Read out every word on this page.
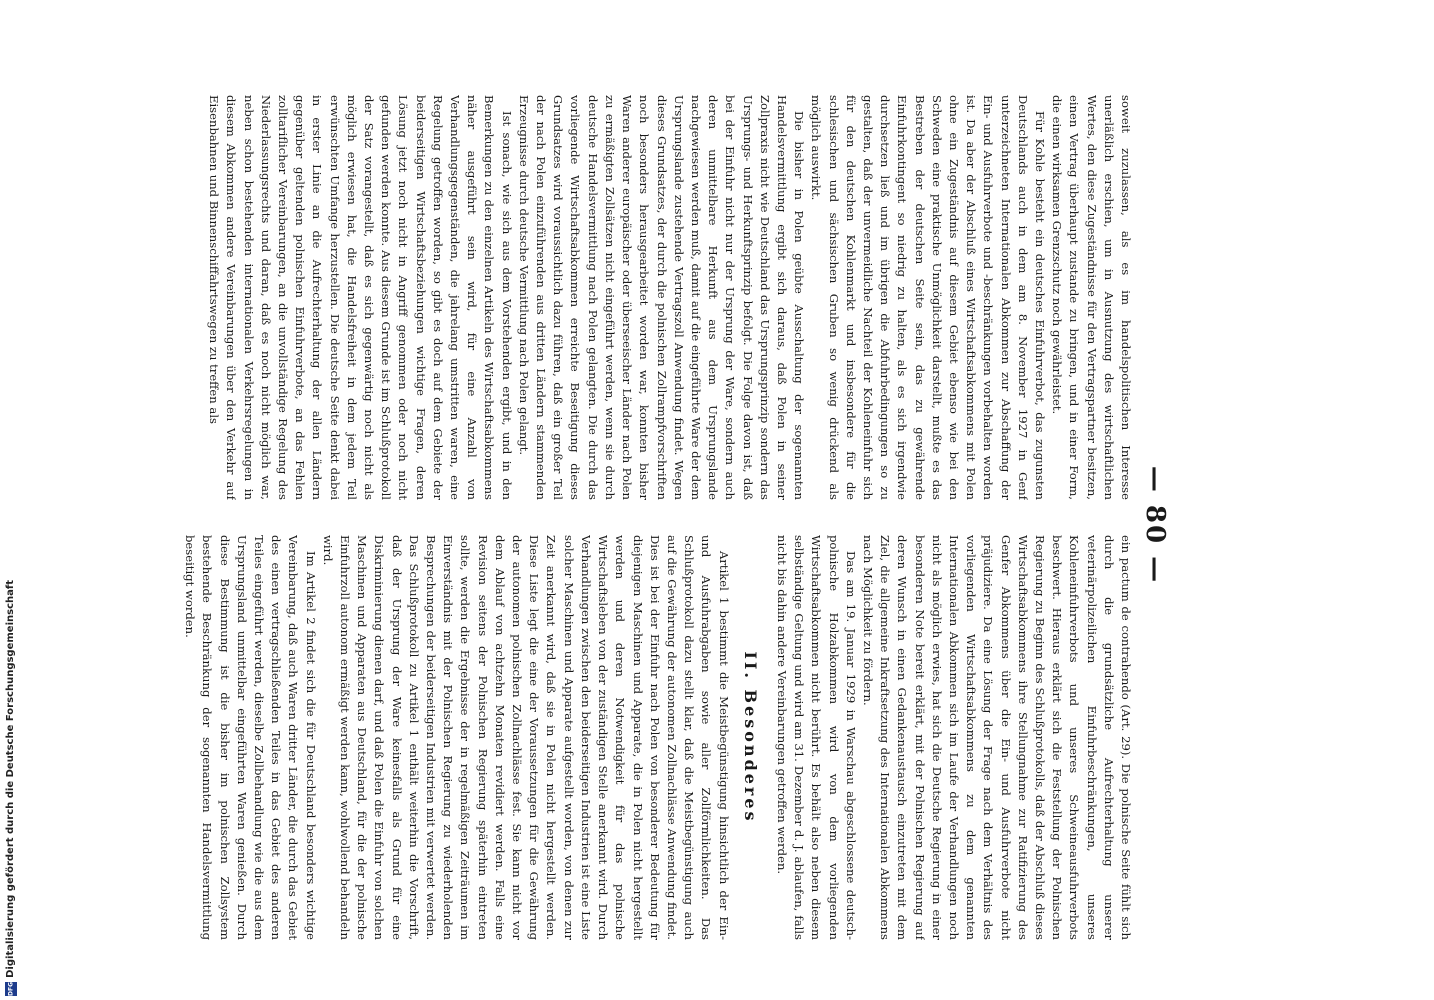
Digitalisierung gefördert durch die Deutsche Forschungsgemeinschaft
DFG
— 80 —

soweit zuzulassen, als es im handelspolitischen Interesse unerläßlich erschien, um in Ausnutzung des wirtschaftlichen Wertes, den diese Zugeständnisse für den Vertragspartner besitzen, einen Vertrag überhaupt zustande zu bringen, und in einer Form, die einen wirksamen Grenzschutz noch gewährleistet.

Für Kohle besteht ein deutsches Einfuhrverbot, das zugunsten Deutschlands auch in dem am 8. November 1927 in Genf unterzeichneten Internationalen Abkommen zur Abschaffung der Ein- und Ausfuhrverbote und -beschränkungen vorbehalten worden ist. Da aber der Abschluß eines Wirtschaftsabkommens mit Polen ohne ein Zugeständnis auf diesem Gebiet ebenso wie bei den Schweden eine praktische Unmöglichkeit darstellt, mußte es das Bestreben der deutschen Seite sein, das zu gewährende Einfuhrkontingent so niedrig zu halten, als es sich irgendwie durchsetzen ließ und im übrigen die Abfuhrbedingungen so zu gestalten, daß der unvermeidliche Nachteil der Kohleneinfuhr sich für den deutschen Kohlenmarkt und insbesondere für die schlesischen und sächsischen Gruben so wenig drückend als möglich auswirkt.

Die bisher in Polen geübte Ausschaltung der sogenannten Handelsvermittlung ergibt sich daraus, daß Polen in seiner Zollpraxis nicht wie Deutschland das Ursprungsprinzip sondern das Ursprungs- und Herkunftsprinzip befolgt. Die Folge davon ist, daß bei der Einfuhr nicht nur der Ursprung der Ware, sondern auch deren unmittelbare Herkunft aus dem Ursprungslande nachgewiesen werden muß, damit auf die eingeführte Ware der dem Ursprungslande zustehende Vertragszoll Anwendung findet. Wegen dieses Grundsatzes, der durch die polnischen Zollrampfvorschriften noch besonders herausgearbeitet worden war, konnten bisher Waren anderer europäischer oder überseeischer Länder nach Polen zu ermäßigten Zollsätzen nicht eingeführt werden, wenn sie durch deutsche Handelsvermittlung nach Polen gelangten. Die durch das vorliegende Wirtschaftsabkommen erreichte Beseitigung dieses Grundsatzes wird voraussichtlich dazu führen, daß ein großer Teil der nach Polen einzuführenden aus dritten Ländern stammenden Erzeugnisse durch deutsche Vermittlung nach Polen gelangt.

Ist sonach, wie sich aus dem Vorstehenden ergibt, und in den Bemerkungen zu den einzelnen Artikeln des Wirtschaftsabkommens näher ausgeführt sein wird, für eine Anzahl von Verhandlungsgegenständen, die jahrelang umstritten waren, eine Regelung getroffen worden, so gibt es doch auf dem Gebiete der beiderseitigen Wirtschaftsbeziehungen wichtige Fragen, deren Lösung jetzt noch nicht in Angriff genommen oder noch nicht gefunden werden konnte. Aus diesem Grunde ist im Schlußprotokoll der Satz vorangestellt, daß es sich gegenwärtig noch nicht als möglich erwiesen hat, die Handelsfreiheit in dem jedem Teil erwünschten Umfange herzustellen. Die deutsche Seite denkt dabei in erster Linie an die Aufrechterhaltung der allen Ländern gegenüber geltenden polnischen Einfuhrverbote, an das Fehlen zolltariflicher Vereinbarungen, an die unvollständige Regelung des Niederlassungsrechts und daran, daß es noch nicht möglich war, neben schon bestehenden internationalen Verkehrsregelungen in diesem Abkommen andere Vereinbarungen über den Verkehr auf Eisenbahnen und Binnenschiffahrtswegen zu treffen als

ein pactum de contrahendo (Art. 29). Die polnische Seite fühlt sich durch die grundsätzliche Aufrechterhaltung unserer veterinärpolizeilichen Einfuhrbeschränkungen, unseres Kohleneinfuhrverbots und unseres Schweineausfuhrverbots beschwert. Hieraus erklärt sich die Feststellung der Polnischen Regierung zu Beginn des Schlußprotokolls, daß der Abschluß dieses Wirtschaftsabkommens ihre Stellungnahme zur Ratifizierung des Genfer Abkommens über die Ein- und Ausfuhrverbote nicht präjudiziere. Da eine Lösung der Frage nach dem Verhältnis des vorliegenden Wirtschaftsabkommens zu dem genannten Internationalen Abkommen sich im Laufe der Verhandlungen noch nicht als möglich erwies, hat sich die Deutsche Regierung in einer besonderen Note bereit erklärt, mit der Polnischen Regierung auf deren Wunsch in einen Gedankenaustausch einzutreten mit dem Ziel, die allgemeine Inkraftsetzung des Internationalen Abkommens nach Möglichkeit zu fördern.

Das am 19. Januar 1929 in Warschau abgeschlossene deutsch-polnische Holzabkommen wird von dem vorliegenden Wirtschaftsabkommen nicht berührt. Es behält also neben diesem selbständige Geltung und wird am 31. Dezember d. J. ablaufen, falls nicht bis dahin andere Vereinbarungen getroffen werden.

II. Besonderes

Artikel 1 bestimmt die Meistbegünstigung hinsichtlich der Ein- und Ausfuhrabgaben sowie aller Zollförmlichkeiten. Das Schlußprotokoll dazu stellt klar, daß die Meistbegünstigung auch auf die Gewährung der autonomen Zollnachlässe Anwendung findet. Dies ist bei der Einfuhr nach Polen von besonderer Bedeutung für diejenigen Maschinen und Apparate, die in Polen nicht hergestellt werden und deren Notwendigkeit für das polnische Wirtschaftsleben von der zuständigen Stelle anerkannt wird. Durch Verhandlungen zwischen den beiderseitigen Industrien ist eine Liste solcher Maschinen und Apparate aufgestellt worden, von denen zur Zeit anerkannt wird, daß sie in Polen nicht hergestellt werden. Diese Liste legt die eine der Voraussetzungen für die Gewährung der autonomen polnischen Zollnachlässe fest. Sie kann nicht vor dem Ablauf von achtzehn Monaten revidiert werden. Falls eine Revision seitens der Polnischen Regierung späterhin eintreten sollte, werden die Ergebnisse der in regelmäßigen Zeiträumen im Einverständnis mit der Polnischen Regierung zu wiederholenden Besprechungen der beiderseitigen Industrien mit verwertet werden. Das Schlußprotokoll zu Artikel 1 enthält weiterhin die Vorschrift, daß der Ursprung der Ware keinesfalls als Grund für eine Diskriminierung dienen darf, und daß Polen die Einfuhr von solchen Maschinen und Apparaten aus Deutschland, für die der polnische Einfuhrzoll autonom ermäßigt werden kann, wohlwollend behandeln wird.

Im Artikel 2 findet sich die für Deutschland besonders wichtige Vereinbarung, daß auch Waren dritter Länder, die durch das Gebiet des einen vertragschließenden Teiles in das Gebiet des anderen Teiles eingeführt werden, dieselbe Zollbehandlung wie die aus dem Ursprungsland unmittelbar eingeführten Waren genießen. Durch diese Bestimmung ist die bisher im polnischen Zollsystem bestehende Beschränkung der sogenannten Handelsvermittlung beseitigt worden.
